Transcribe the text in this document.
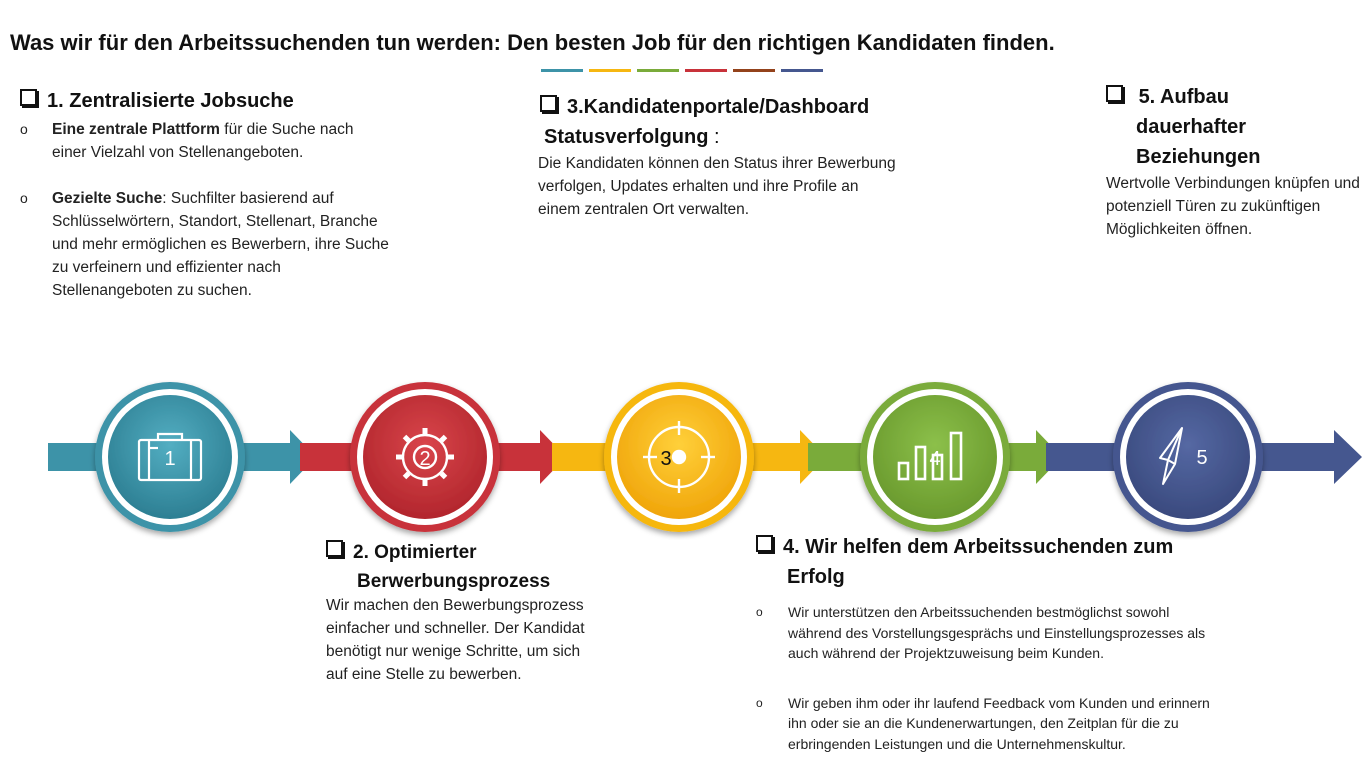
Was wir für den Arbeitssuchenden tun werden: Den besten Job für den richtigen Kandidaten finden.
1. Zentralisierte Jobsuche
o Eine zentrale Plattform für die Suche nach einer Vielzahl von Stellenangeboten.
o Gezielte Suche: Suchfilter basierend auf Schlüsselwörtern, Standort, Stellenart, Branche und mehr ermöglichen es Bewerbern, ihre Suche zu verfeinern und effizienter nach Stellenangeboten zu suchen.
3.Kandidatenportale/Dashboard
Statusverfolgung :
Die Kandidaten können den Status ihrer Bewerbung verfolgen, Updates erhalten und ihre Profile an einem zentralen Ort verwalten.
5. Aufbau
dauerhafter
Beziehungen
Wertvolle Verbindungen knüpfen und potenziell Türen zu zukünftigen Möglichkeiten öffnen.
1	2	3	4	5
2. Optimierter
Berwerbungsprozess
Wir machen den Bewerbungsprozess einfacher und schneller. Der Kandidat benötigt nur wenige Schritte, um sich auf eine Stelle zu bewerben.
4. Wir helfen dem Arbeitssuchenden zum
Erfolg
o Wir unterstützen den Arbeitssuchenden bestmöglichst sowohl während des Vorstellungsgesprächs und Einstellungsprozesses als auch während der Projektzuweisung beim Kunden.
o Wir geben ihm oder ihr laufend Feedback vom Kunden und erinnern ihn oder sie an die Kundenerwartungen, den Zeitplan für die zu erbringenden Leistungen und die Unternehmenskultur.
